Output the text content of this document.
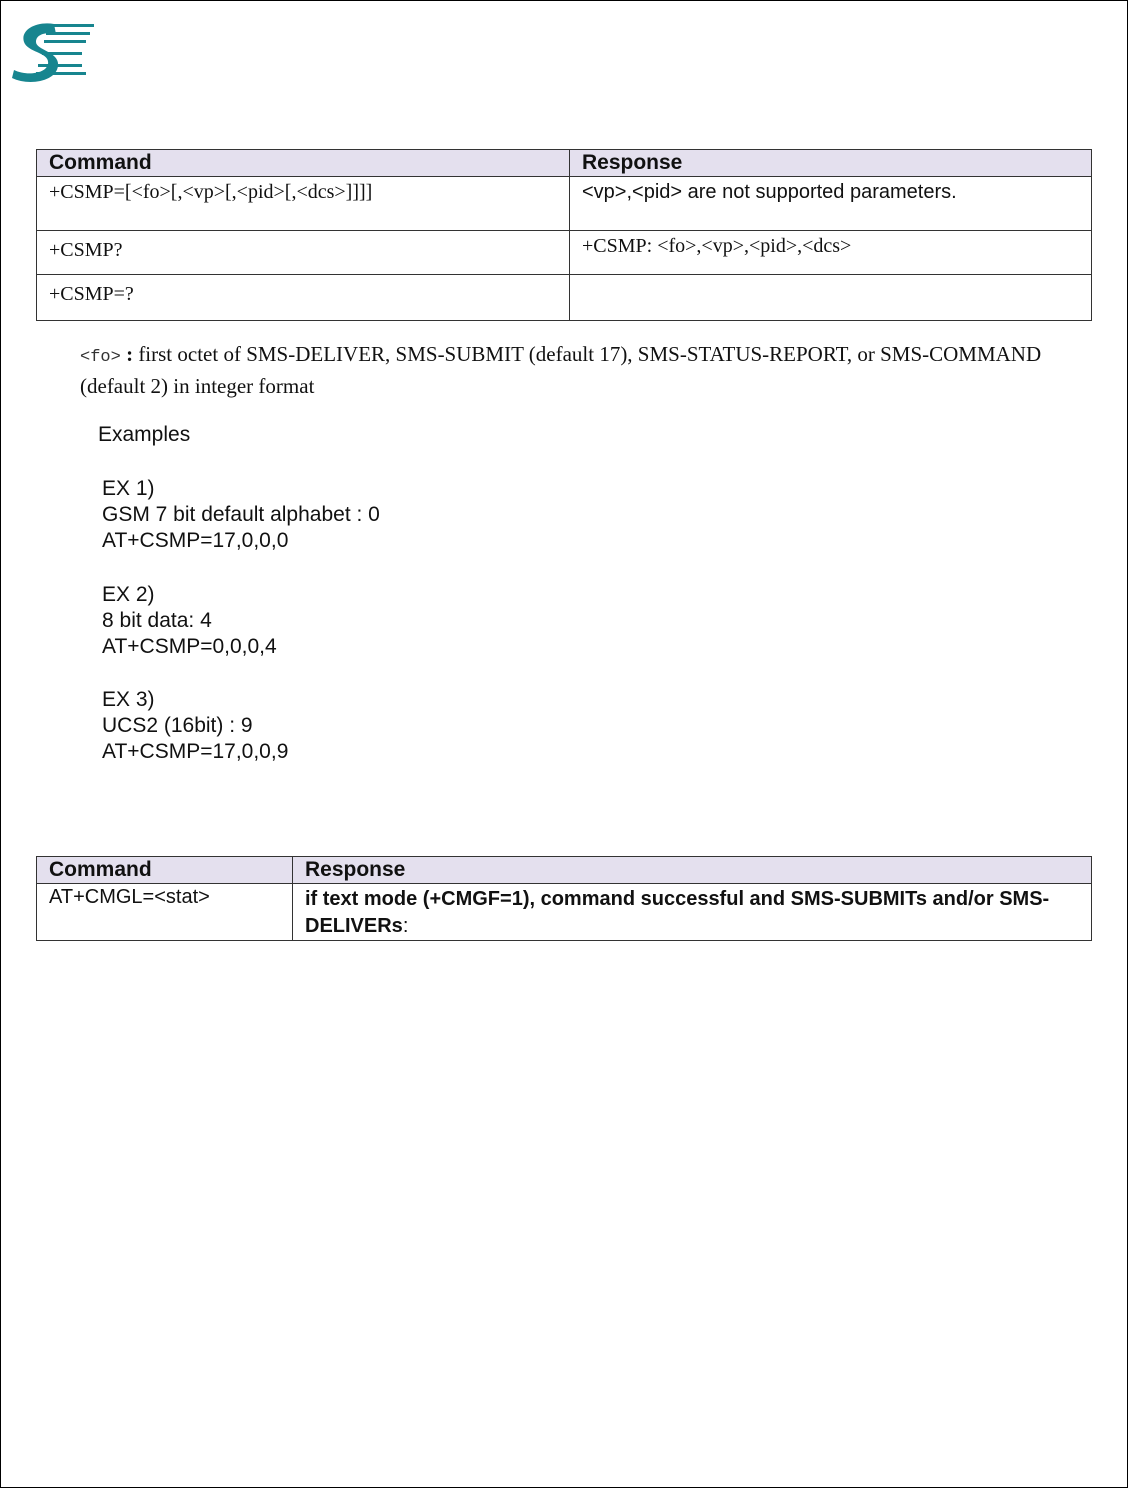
Command	Response
+CSMP=[<fo>[,<vp>[,<pid>[,<dcs>]]]]	<vp>,<pid> are not supported parameters.
+CSMP?	+CSMP: <fo>,<vp>,<pid>,<dcs>
+CSMP=?	
<fo> : first octet of SMS-DELIVER, SMS-SUBMIT (default 17), SMS-STATUS-REPORT, or SMS-COMMAND (default 2) in integer format
Examples
EX 1)
GSM 7 bit default alphabet : 0
AT+CSMP=17,0,0,0
EX 2)
8 bit data: 4
AT+CSMP=0,0,0,4
EX 3)
UCS2 (16bit) : 9
AT+CSMP=17,0,0,9
Command	Response
AT+CMGL=<stat>	if text mode (+CMGF=1), command successful and SMS-SUBMITs and/or SMS-DELIVERs:
